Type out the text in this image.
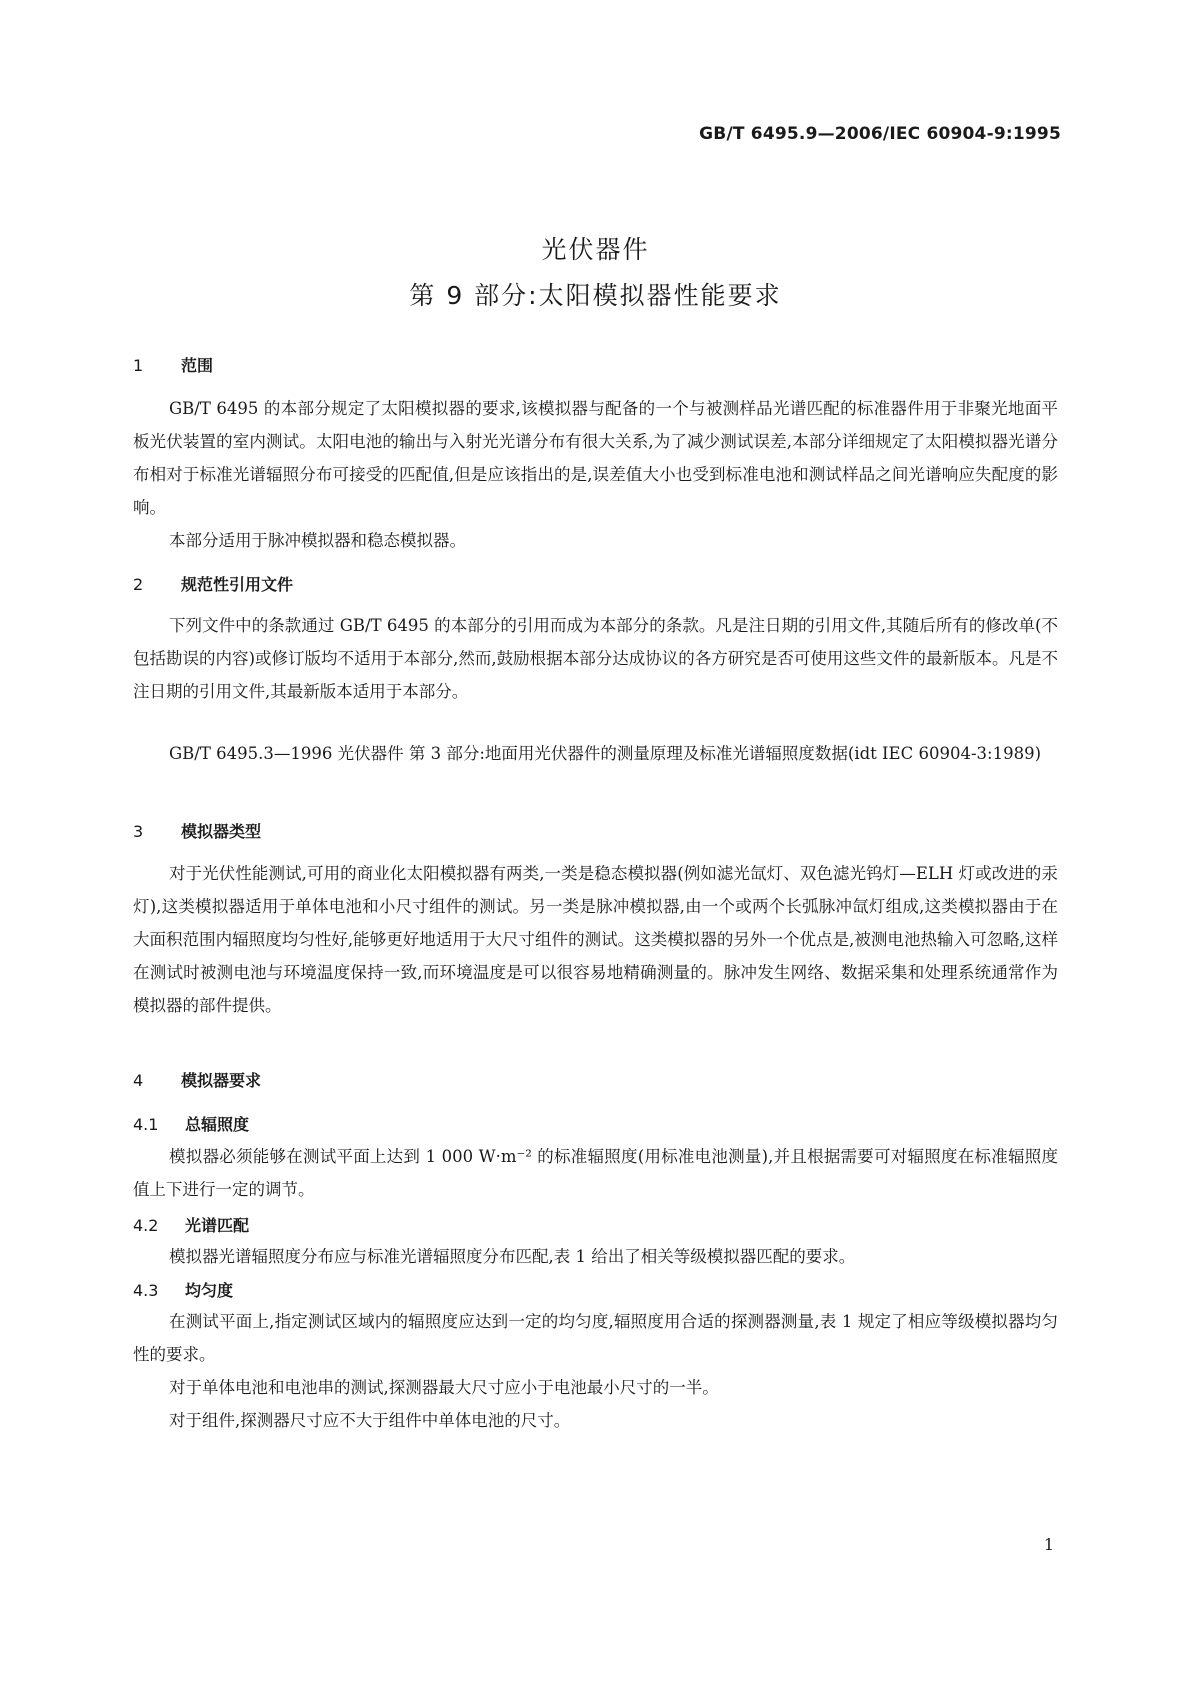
GB/T 6495.9—2006/IEC 60904-9:1995
光伏器件
第 9 部分:太阳模拟器性能要求
1 范围
GB/T 6495 的本部分规定了太阳模拟器的要求,该模拟器与配备的一个与被测样品光谱匹配的标准器件用于非聚光地面平板光伏装置的室内测试。太阳电池的输出与入射光光谱分布有很大关系,为了减少测试误差,本部分详细规定了太阳模拟器光谱分布相对于标准光谱辐照分布可接受的匹配值,但是应该指出的是,误差值大小也受到标准电池和测试样品之间光谱响应失配度的影响。
本部分适用于脉冲模拟器和稳态模拟器。
2 规范性引用文件
下列文件中的条款通过 GB/T 6495 的本部分的引用而成为本部分的条款。凡是注日期的引用文件,其随后所有的修改单(不包括勘误的内容)或修订版均不适用于本部分,然而,鼓励根据本部分达成协议的各方研究是否可使用这些文件的最新版本。凡是不注日期的引用文件,其最新版本适用于本部分。
GB/T 6495.3—1996 光伏器件 第 3 部分:地面用光伏器件的测量原理及标准光谱辐照度数据(idt IEC 60904-3:1989)
3 模拟器类型
对于光伏性能测试,可用的商业化太阳模拟器有两类,一类是稳态模拟器(例如滤光氙灯、双色滤光钨灯—ELH 灯或改进的汞灯),这类模拟器适用于单体电池和小尺寸组件的测试。另一类是脉冲模拟器,由一个或两个长弧脉冲氙灯组成,这类模拟器由于在大面积范围内辐照度均匀性好,能够更好地适用于大尺寸组件的测试。这类模拟器的另外一个优点是,被测电池热输入可忽略,这样在测试时被测电池与环境温度保持一致,而环境温度是可以很容易地精确测量的。脉冲发生网络、数据采集和处理系统通常作为模拟器的部件提供。
4 模拟器要求
4.1 总辐照度
模拟器必须能够在测试平面上达到 1 000 W·m⁻² 的标准辐照度(用标准电池测量),并且根据需要可对辐照度在标准辐照度值上下进行一定的调节。
4.2 光谱匹配
模拟器光谱辐照度分布应与标准光谱辐照度分布匹配,表 1 给出了相关等级模拟器匹配的要求。
4.3 均匀度
在测试平面上,指定测试区域内的辐照度应达到一定的均匀度,辐照度用合适的探测器测量,表 1 规定了相应等级模拟器均匀性的要求。
对于单体电池和电池串的测试,探测器最大尺寸应小于电池最小尺寸的一半。
对于组件,探测器尺寸应不大于组件中单体电池的尺寸。
1
